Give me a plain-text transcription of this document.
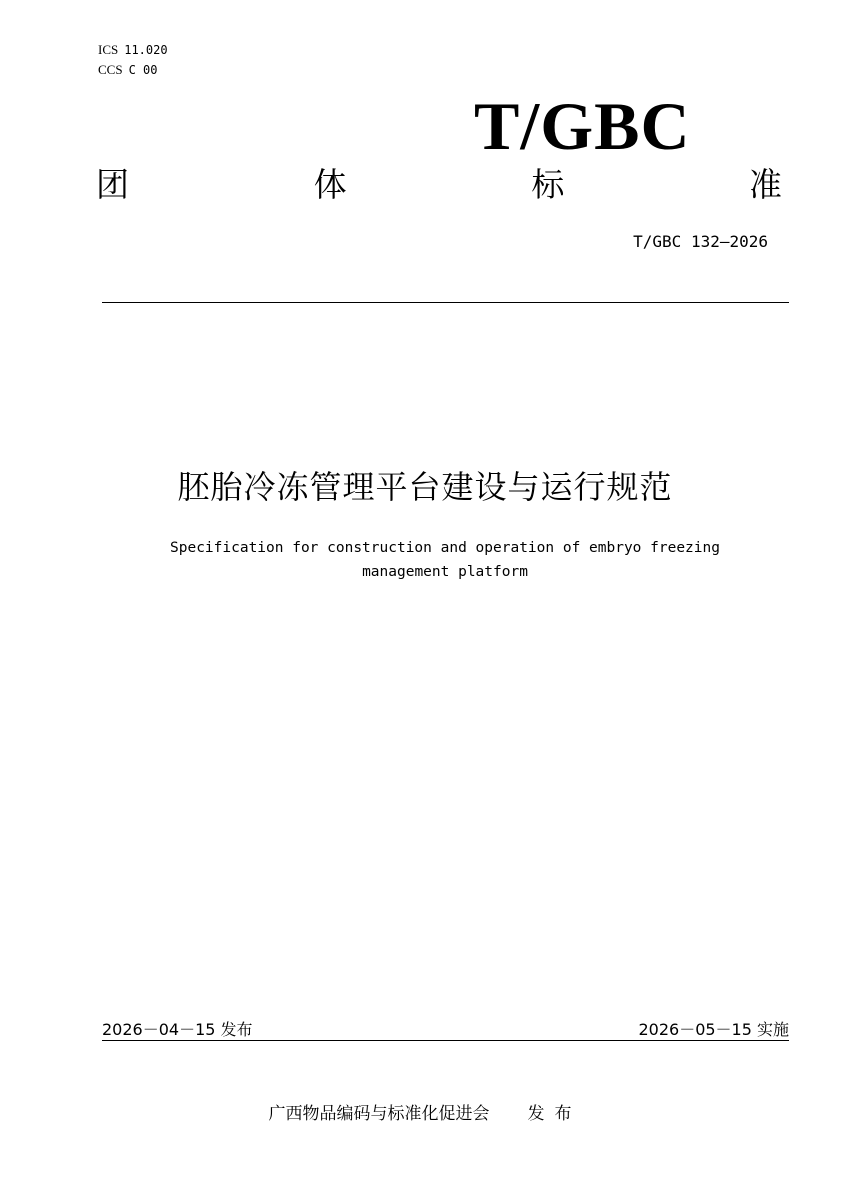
ICS 11.020
CCS C 00
T/GBC
团	体	标	准
T/GBC 132—2026
胚胎冷冻管理平台建设与运行规范
Specification for construction and operation of embryo freezing
management platform
2026－04－15 发布	2026－05－15 实施
广西物品编码与标准化促进会 发布
